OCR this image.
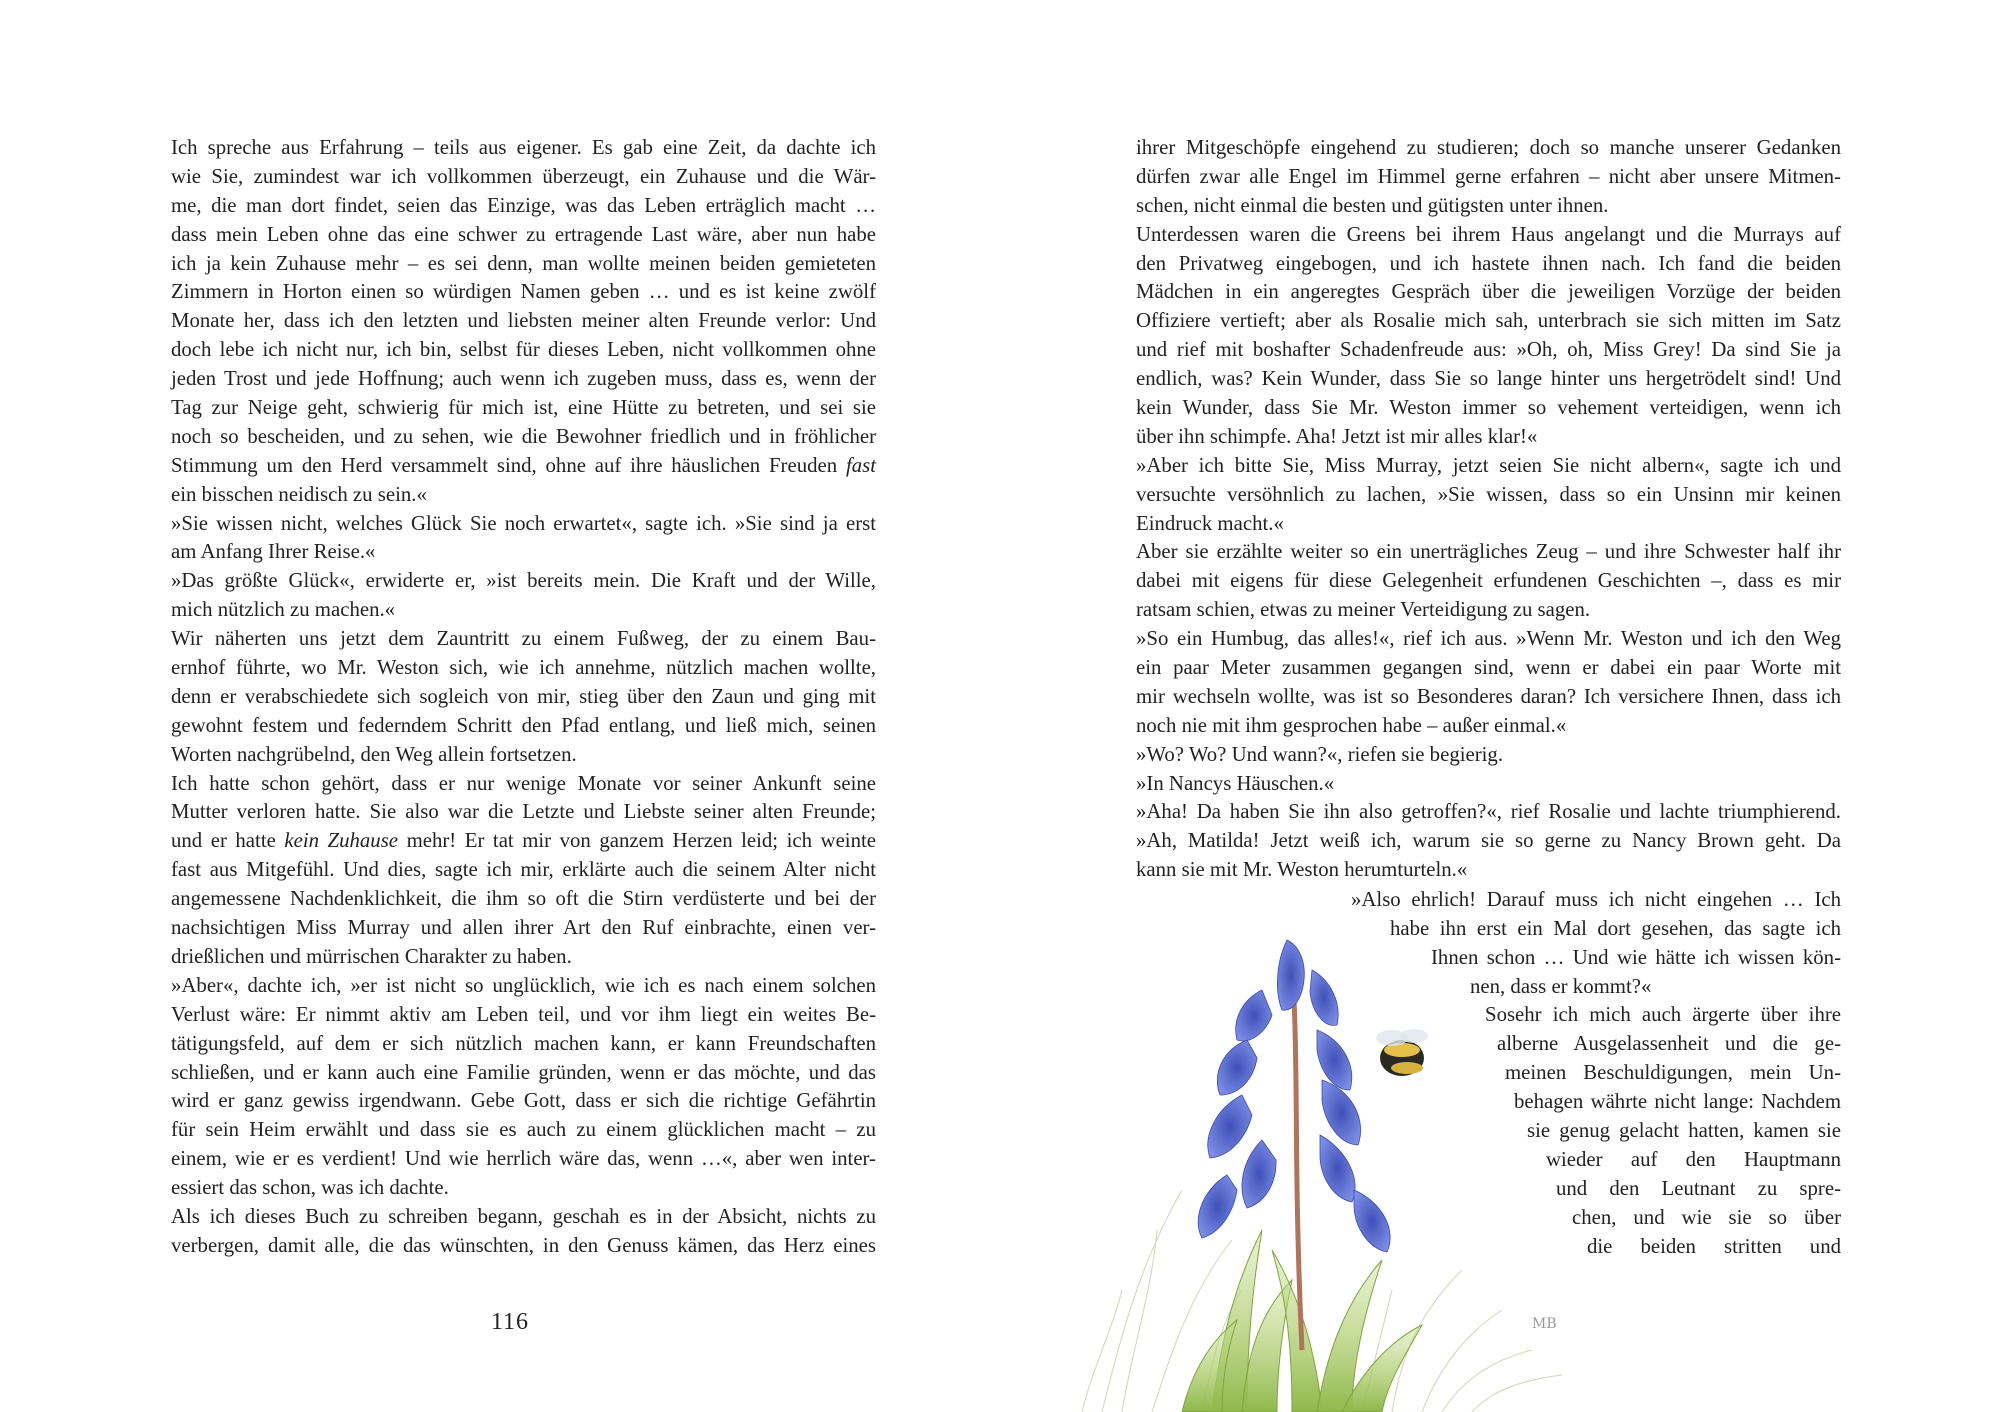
Ich spreche aus Erfahrung – teils aus eigener. Es gab eine Zeit, da dachte ich
wie Sie, zumindest war ich vollkommen überzeugt, ein Zuhause und die Wär-
me, die man dort findet, seien das Einzige, was das Leben erträglich macht …
dass mein Leben ohne das eine schwer zu ertragende Last wäre, aber nun habe
ich ja kein Zuhause mehr – es sei denn, man wollte meinen beiden gemieteten
Zimmern in Horton einen so würdigen Namen geben … und es ist keine zwölf
Monate her, dass ich den letzten und liebsten meiner alten Freunde verlor: Und
doch lebe ich nicht nur, ich bin, selbst für dieses Leben, nicht vollkommen ohne
jeden Trost und jede Hoffnung; auch wenn ich zugeben muss, dass es, wenn der
Tag zur Neige geht, schwierig für mich ist, eine Hütte zu betreten, und sei sie
noch so bescheiden, und zu sehen, wie die Bewohner friedlich und in fröhlicher
Stimmung um den Herd versammelt sind, ohne auf ihre häuslichen Freuden fast
ein bisschen neidisch zu sein.«
»Sie wissen nicht, welches Glück Sie noch erwartet«, sagte ich. »Sie sind ja erst
am Anfang Ihrer Reise.«
»Das größte Glück«, erwiderte er, »ist bereits mein. Die Kraft und der Wille,
mich nützlich zu machen.«
Wir näherten uns jetzt dem Zauntritt zu einem Fußweg, der zu einem Bau-
ernhof führte, wo Mr. Weston sich, wie ich annehme, nützlich machen wollte,
denn er verabschiedete sich sogleich von mir, stieg über den Zaun und ging mit
gewohnt festem und federndem Schritt den Pfad entlang, und ließ mich, seinen
Worten nachgrübelnd, den Weg allein fortsetzen.
Ich hatte schon gehört, dass er nur wenige Monate vor seiner Ankunft seine
Mutter verloren hatte. Sie also war die Letzte und Liebste seiner alten Freunde;
und er hatte kein Zuhause mehr! Er tat mir von ganzem Herzen leid; ich weinte
fast aus Mitgefühl. Und dies, sagte ich mir, erklärte auch die seinem Alter nicht
angemessene Nachdenklichkeit, die ihm so oft die Stirn verdüsterte und bei der
nachsichtigen Miss Murray und allen ihrer Art den Ruf einbrachte, einen ver-
drießlichen und mürrischen Charakter zu haben.
»Aber«, dachte ich, »er ist nicht so unglücklich, wie ich es nach einem solchen
Verlust wäre: Er nimmt aktiv am Leben teil, und vor ihm liegt ein weites Be-
tätigungsfeld, auf dem er sich nützlich machen kann, er kann Freundschaften
schließen, und er kann auch eine Familie gründen, wenn er das möchte, und das
wird er ganz gewiss irgendwann. Gebe Gott, dass er sich die richtige Gefährtin
für sein Heim erwählt und dass sie es auch zu einem glücklichen macht – zu
einem, wie er es verdient! Und wie herrlich wäre das, wenn …«, aber wen inter-
essiert das schon, was ich dachte.
Als ich dieses Buch zu schreiben begann, geschah es in der Absicht, nichts zu
verbergen, damit alle, die das wünschten, in den Genuss kämen, das Herz eines
116
ihrer Mitgeschöpfe eingehend zu studieren; doch so manche unserer Gedanken
dürfen zwar alle Engel im Himmel gerne erfahren – nicht aber unsere Mitmen-
schen, nicht einmal die besten und gütigsten unter ihnen.
Unterdessen waren die Greens bei ihrem Haus angelangt und die Murrays auf
den Privatweg eingebogen, und ich hastete ihnen nach. Ich fand die beiden
Mädchen in ein angeregtes Gespräch über die jeweiligen Vorzüge der beiden
Offiziere vertieft; aber als Rosalie mich sah, unterbrach sie sich mitten im Satz
und rief mit boshafter Schadenfreude aus: »Oh, oh, Miss Grey! Da sind Sie ja
endlich, was? Kein Wunder, dass Sie so lange hinter uns hergetrödelt sind! Und
kein Wunder, dass Sie Mr. Weston immer so vehement verteidigen, wenn ich
über ihn schimpfe. Aha! Jetzt ist mir alles klar!«
»Aber ich bitte Sie, Miss Murray, jetzt seien Sie nicht albern«, sagte ich und
versuchte versöhnlich zu lachen, »Sie wissen, dass so ein Unsinn mir keinen
Eindruck macht.«
Aber sie erzählte weiter so ein unerträgliches Zeug – und ihre Schwester half ihr
dabei mit eigens für diese Gelegenheit erfundenen Geschichten –, dass es mir
ratsam schien, etwas zu meiner Verteidigung zu sagen.
»So ein Humbug, das alles!«, rief ich aus. »Wenn Mr. Weston und ich den Weg
ein paar Meter zusammen gegangen sind, wenn er dabei ein paar Worte mit
mir wechseln wollte, was ist so Besonderes daran? Ich versichere Ihnen, dass ich
noch nie mit ihm gesprochen habe – außer einmal.«
»Wo? Wo? Und wann?«, riefen sie begierig.
»In Nancys Häuschen.«
»Aha! Da haben Sie ihn also getroffen?«, rief Rosalie und lachte triumphierend.
»Ah, Matilda! Jetzt weiß ich, warum sie so gerne zu Nancy Brown geht. Da
kann sie mit Mr. Weston herumturteln.«
»Also ehrlich! Darauf muss ich nicht eingehen … Ich
habe ihn erst ein Mal dort gesehen, das sagte ich
Ihnen schon … Und wie hätte ich wissen kön-
nen, dass er kommt?«
Sosehr ich mich auch ärgerte über ihre
alberne Ausgelassenheit und die ge-
meinen Beschuldigungen, mein Un-
behagen währte nicht lange: Nachdem
sie genug gelacht hatten, kamen sie
wieder auf den Hauptmann
und den Leutnant zu spre-
chen, und wie sie so über
die beiden stritten und
MB
